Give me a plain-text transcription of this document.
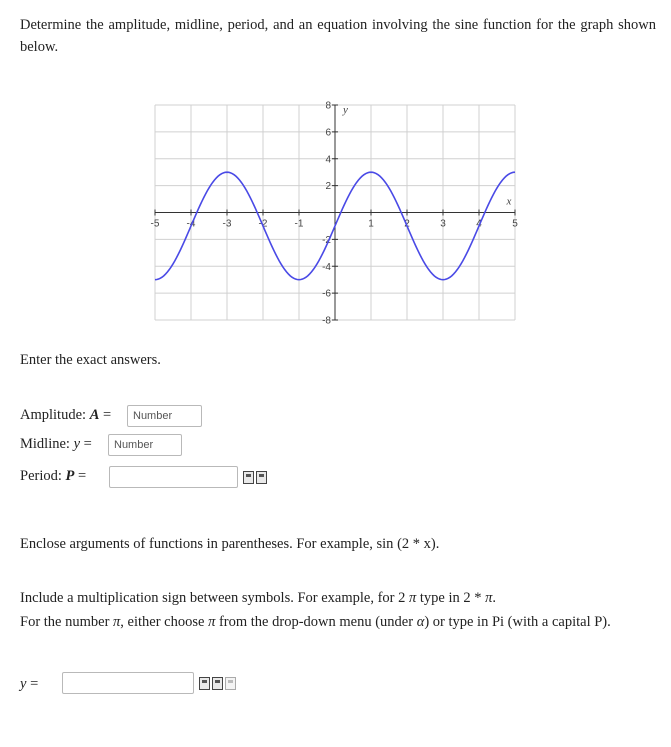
Determine the amplitude, midline, period, and an equation involving the sine function for the graph shown below.
-5	-4	-3	-2	-1	1	2	3	4	5
8
6
4
2
-2
-4
-6
-8
x
y
Enter the exact answers.
Amplitude: A =
Number
Midline: y =
Number
Period: P =
Enclose arguments of functions in parentheses. For example, sin (2 * x).
Include a multiplication sign between symbols. For example, for 2 π type in 2 * π.
For the number π, either choose π from the drop-down menu (under α) or type in Pi (with a capital P).
y =
